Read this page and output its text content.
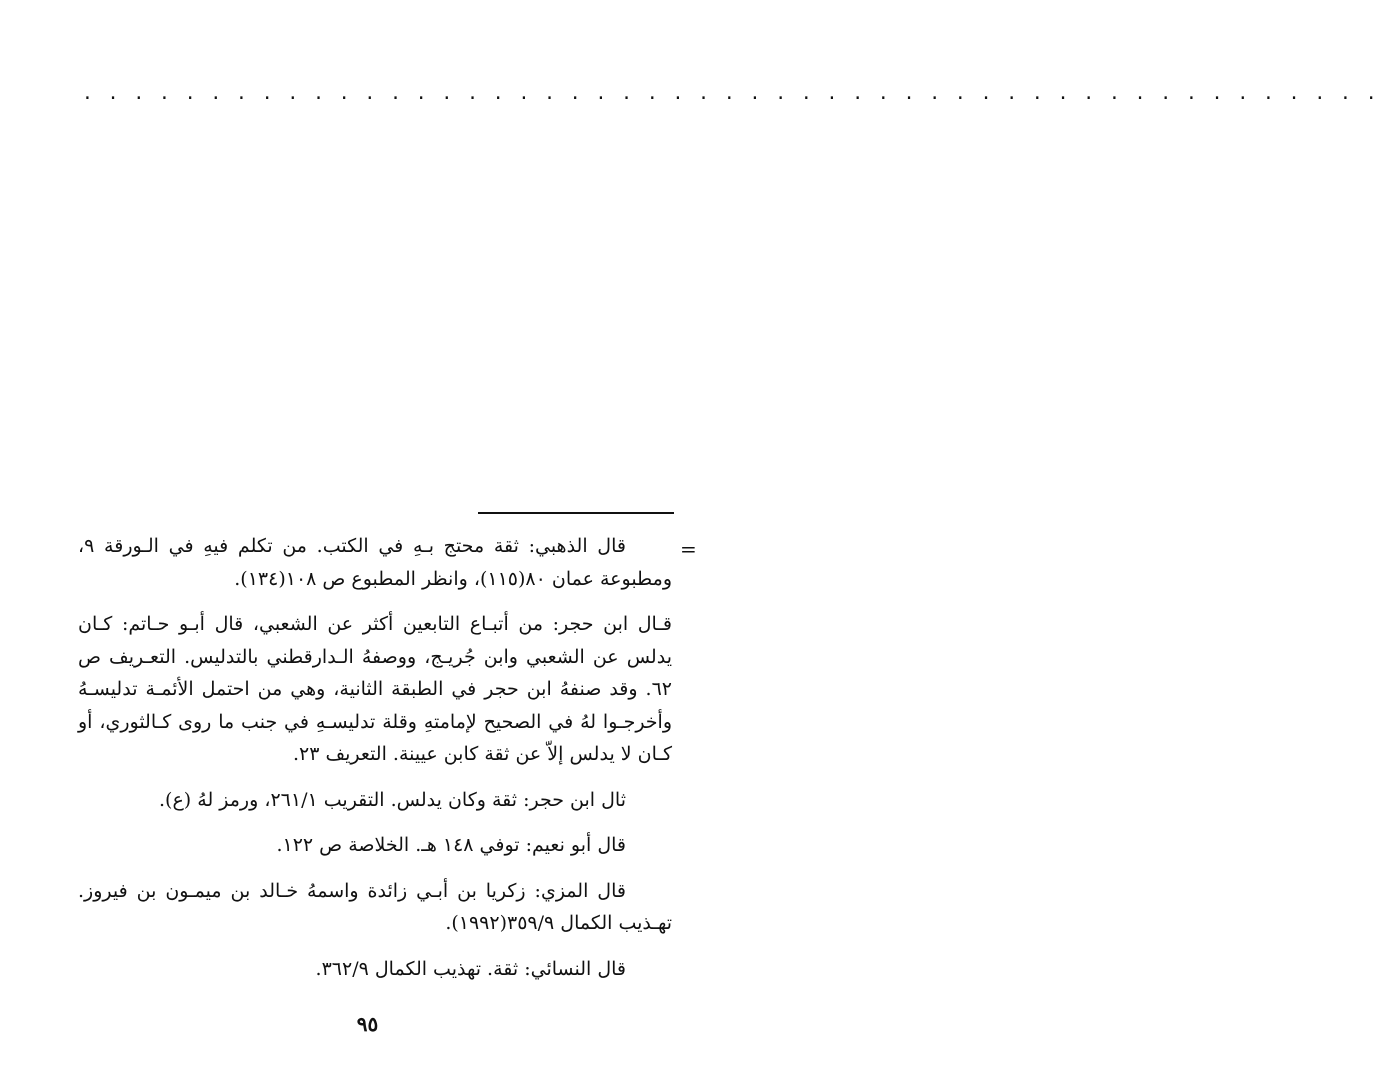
. . . . . . . . . . . . . . . . . . . . . . . . . . . . . . . . . . . . . . . . . . . . . . . . . . .
=

قال الذهبي: ثقة محتج بـهِ في الكتب. من تكلم فيهِ في الـورقة ٩، ومطبوعة عمان ٨٠(١١٥)، وانظر المطبوع ص ١٠٨(١٣٤).

قـال ابن حجر: من أتبـاع التابعين أكثر عن الشعبي، قال أبـو حـاتم: كـان يدلس عن الشعبي وابن جُريـج، ووصفهُ الـدارقطني بالتدليس. التعـريف ص ٦٢. وقد صنفهُ ابن حجر في الطبقة الثانية، وهي من احتمل الأئمـة تدليسـهُ وأخرجـوا لهُ في الصحيح لإمامتهِ وقلة تدليسـهِ في جنب ما روى كـالثوري، أو كـان لا يدلس إلاّ عن ثقة كابن عيينة. التعريف ٢٣.

ثال ابن حجر: ثقة وكان يدلس. التقريب ٢٦١/١، ورمز لهُ (ع).

قال أبو نعيم: توفي ١٤٨ هـ. الخلاصة ص ١٢٢.

قال المزي: زكريا بن أبـي زائدة واسمهُ خـالد بن ميمـون بن فيروز. تهـذيب الكمال ٣٥٩/٩(١٩٩٢).

قال النسائي: ثقة. تهذيب الكمال ٣٦٢/٩.

٩٥
